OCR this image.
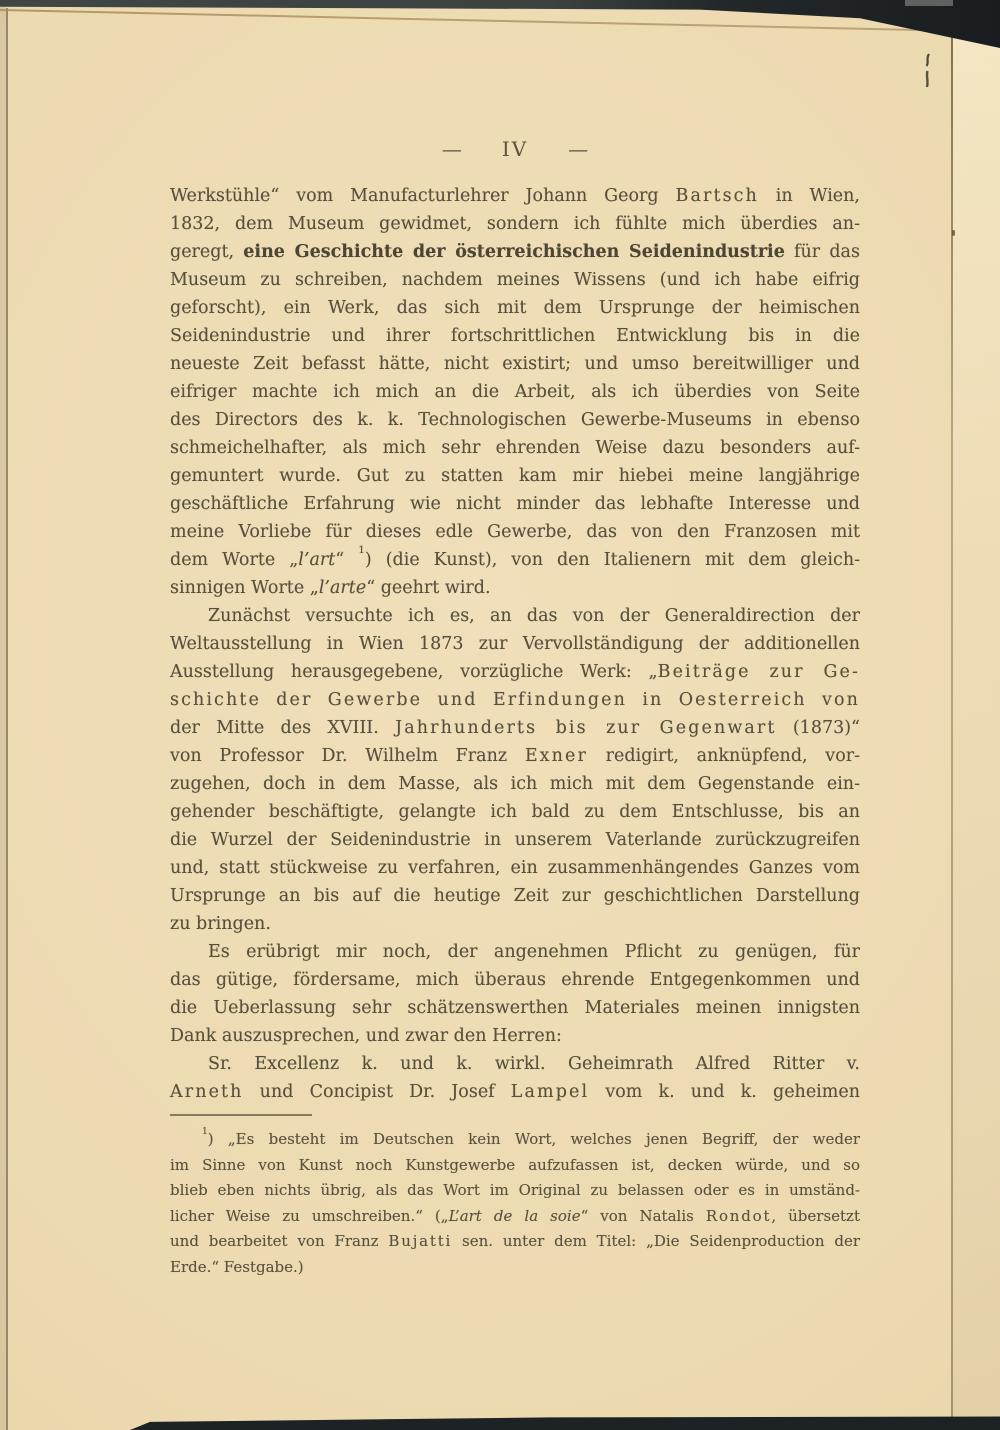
— IV —
Werkstühle“ vom Manufacturlehrer Johann Georg Bartsch in Wien,
1832, dem Museum gewidmet, sondern ich fühlte mich überdies an-
geregt, eine Geschichte der österreichischen Seidenindustrie für das
Museum zu schreiben, nachdem meines Wissens (und ich habe eifrig
geforscht), ein Werk, das sich mit dem Ursprunge der heimischen
Seidenindustrie und ihrer fortschrittlichen Entwicklung bis in die
neueste Zeit befasst hätte, nicht existirt; und umso bereitwilliger und
eifriger machte ich mich an die Arbeit, als ich überdies von Seite
des Directors des k. k. Technologischen Gewerbe-Museums in ebenso
schmeichelhafter, als mich sehr ehrenden Weise dazu besonders auf-
gemuntert wurde. Gut zu statten kam mir hiebei meine langjährige
geschäftliche Erfahrung wie nicht minder das lebhafte Interesse und
meine Vorliebe für dieses edle Gewerbe, das von den Franzosen mit
dem Worte „l’art“ $^1$) (die Kunst), von den Italienern mit dem gleich-
sinnigen Worte „l’arte“ geehrt wird.
Zunächst versuchte ich es, an das von der Generaldirection der
Weltausstellung in Wien 1873 zur Vervollständigung der additionellen
Ausstellung herausgegebene, vorzügliche Werk: „Beiträge zur Ge-
schichte der Gewerbe und Erfindungen in Oesterreich von
der Mitte des XVIII. Jahrhunderts bis zur Gegenwart (1873)“
von Professor Dr. Wilhelm Franz Exner redigirt, anknüpfend, vor-
zugehen, doch in dem Masse, als ich mich mit dem Gegenstande ein-
gehender beschäftigte, gelangte ich bald zu dem Entschlusse, bis an
die Wurzel der Seidenindustrie in unserem Vaterlande zurückzugreifen
und, statt stückweise zu verfahren, ein zusammenhängendes Ganzes vom
Ursprunge an bis auf die heutige Zeit zur geschichtlichen Darstellung
zu bringen.
Es erübrigt mir noch, der angenehmen Pflicht zu genügen, für
das gütige, fördersame, mich überaus ehrende Entgegenkommen und
die Ueberlassung sehr schätzenswerthen Materiales meinen innigsten
Dank auszusprechen, und zwar den Herren:
Sr. Excellenz k. und k. wirkl. Geheimrath Alfred Ritter v.
Arneth und Concipist Dr. Josef Lampel vom k. und k. geheimen
$^1$) „Es besteht im Deutschen kein Wort, welches jenen Begriff, der weder
im Sinne von Kunst noch Kunstgewerbe aufzufassen ist, decken würde, und so
blieb eben nichts übrig, als das Wort im Original zu belassen oder es in umständ-
licher Weise zu umschreiben.“ („L’art de la soie“ von Natalis Rondot, übersetzt
und bearbeitet von Franz Bujatti sen. unter dem Titel: „Die Seidenproduction der
Erde.“ Festgabe.)
